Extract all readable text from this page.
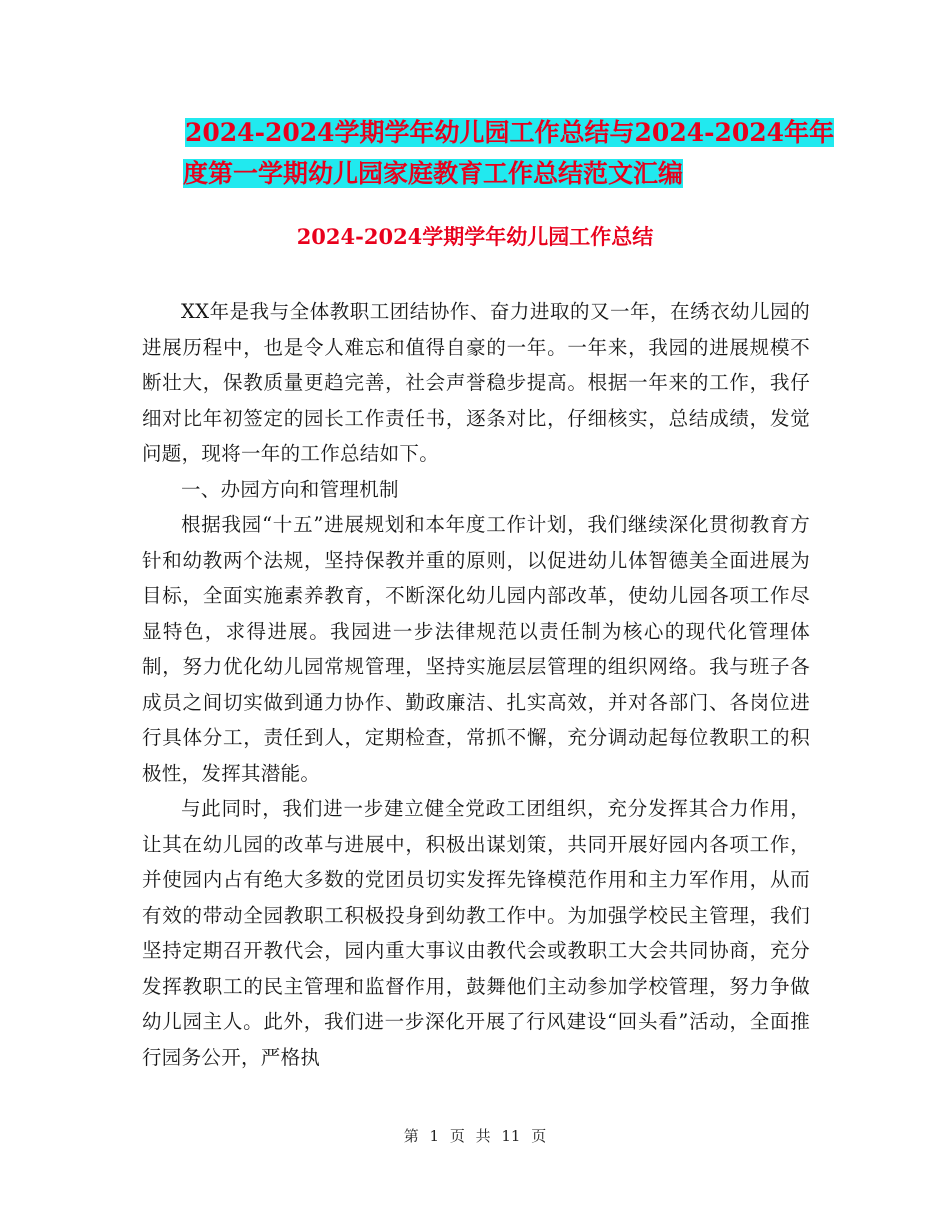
2024-2024学期学年幼儿园工作总结与2024-2024年年
度第一学期幼儿园家庭教育工作总结范文汇编
2024-2024学期学年幼儿园工作总结

XX年是我与全体教职工团结协作、奋力进取的又一年，在绣衣幼儿园的进展历程中，也是令人难忘和值得自豪的一年。一年来，我园的进展规模不断壮大，保教质量更趋完善，社会声誉稳步提高。根据一年来的工作，我仔细对比年初签定的园长工作责任书，逐条对比，仔细核实，总结成绩，发觉问题，现将一年的工作总结如下。

一、办园方向和管理机制

根据我园“十五”进展规划和本年度工作计划，我们继续深化贯彻教育方针和幼教两个法规，坚持保教并重的原则，以促进幼儿体智德美全面进展为目标，全面实施素养教育，不断深化幼儿园内部改革，使幼儿园各项工作尽显特色，求得进展。我园进一步法律规范以责任制为核心的现代化管理体制，努力优化幼儿园常规管理，坚持实施层层管理的组织网络。我与班子各成员之间切实做到通力协作、勤政廉洁、扎实高效，并对各部门、各岗位进行具体分工，责任到人，定期检查，常抓不懈，充分调动起每位教职工的积极性，发挥其潜能。

与此同时，我们进一步建立健全党政工团组织，充分发挥其合力作用，让其在幼儿园的改革与进展中，积极出谋划策，共同开展好园内各项工作，并使园内占有绝大多数的党团员切实发挥先锋模范作用和主力军作用，从而有效的带动全园教职工积极投身到幼教工作中。为加强学校民主管理，我们坚持定期召开教代会，园内重大事议由教代会或教职工大会共同协商，充分发挥教职工的民主管理和监督作用，鼓舞他们主动参加学校管理，努力争做幼儿园主人。此外，我们进一步深化开展了行风建设“回头看”活动，全面推行园务公开，严格执

第 1 页 共 11 页
